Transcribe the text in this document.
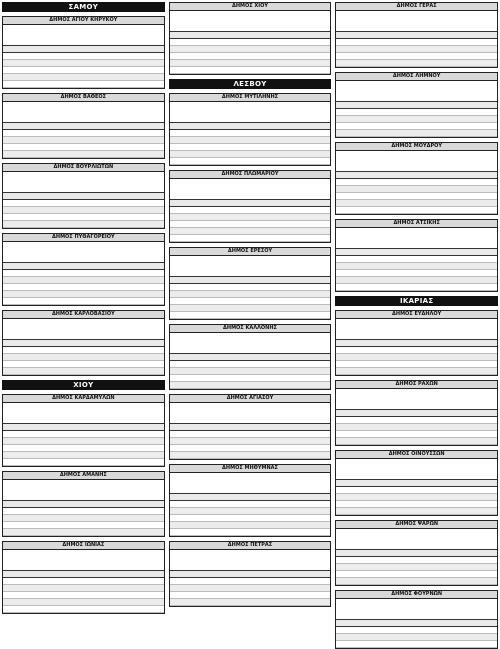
ΣΑΜΟΥ
ΔΗΜΟΣ ΑΓΙΟΥ ΚΗΡΥΚΟΥ

ΔΗΜΟΣ ΒΑΘΕΟΣ

ΔΗΜΟΣ ΒΟΥΡΛΙΩΤΩΝ

ΔΗΜΟΣ ΠΥΘΑΓΟΡΕΙΟΥ

ΔΗΜΟΣ ΚΑΡΛΟΒΑΣΙΟΥ

ΧΙΟΥ
ΔΗΜΟΣ ΚΑΡΔΑΜΥΛΩΝ

ΔΗΜΟΣ ΑΜΑΝΗΣ

ΔΗΜΟΣ ΙΩΝΙΑΣ

ΔΗΜΟΣ ΧΙΟΥ

ΛΕΣΒΟΥ
ΔΗΜΟΣ ΜΥΤΙΛΗΝΗΣ

ΔΗΜΟΣ ΠΛΩΜΑΡΙΟΥ

ΔΗΜΟΣ ΕΡΕΣΟΥ

ΔΗΜΟΣ ΚΑΛΛΟΝΗΣ

ΔΗΜΟΣ ΑΓΙΑΣΟΥ

ΔΗΜΟΣ ΜΗΘΥΜΝΑΣ

ΔΗΜΟΣ ΠΕΤΡΑΣ

ΔΗΜΟΣ ΓΕΡΑΣ

ΔΗΜΟΣ ΛΗΜΝΟΥ

ΔΗΜΟΣ ΜΟΥΔΡΟΥ

ΔΗΜΟΣ ΑΤΣΙΚΗΣ

ΙΚΑΡΙΑΣ
ΔΗΜΟΣ ΕΥΔΗΛΟΥ

ΔΗΜΟΣ ΡΑΧΩΝ

ΔΗΜΟΣ ΟΙΝΟΥΣΣΩΝ

ΔΗΜΟΣ ΨΑΡΩΝ

ΔΗΜΟΣ ΦΟΥΡΝΩΝ
